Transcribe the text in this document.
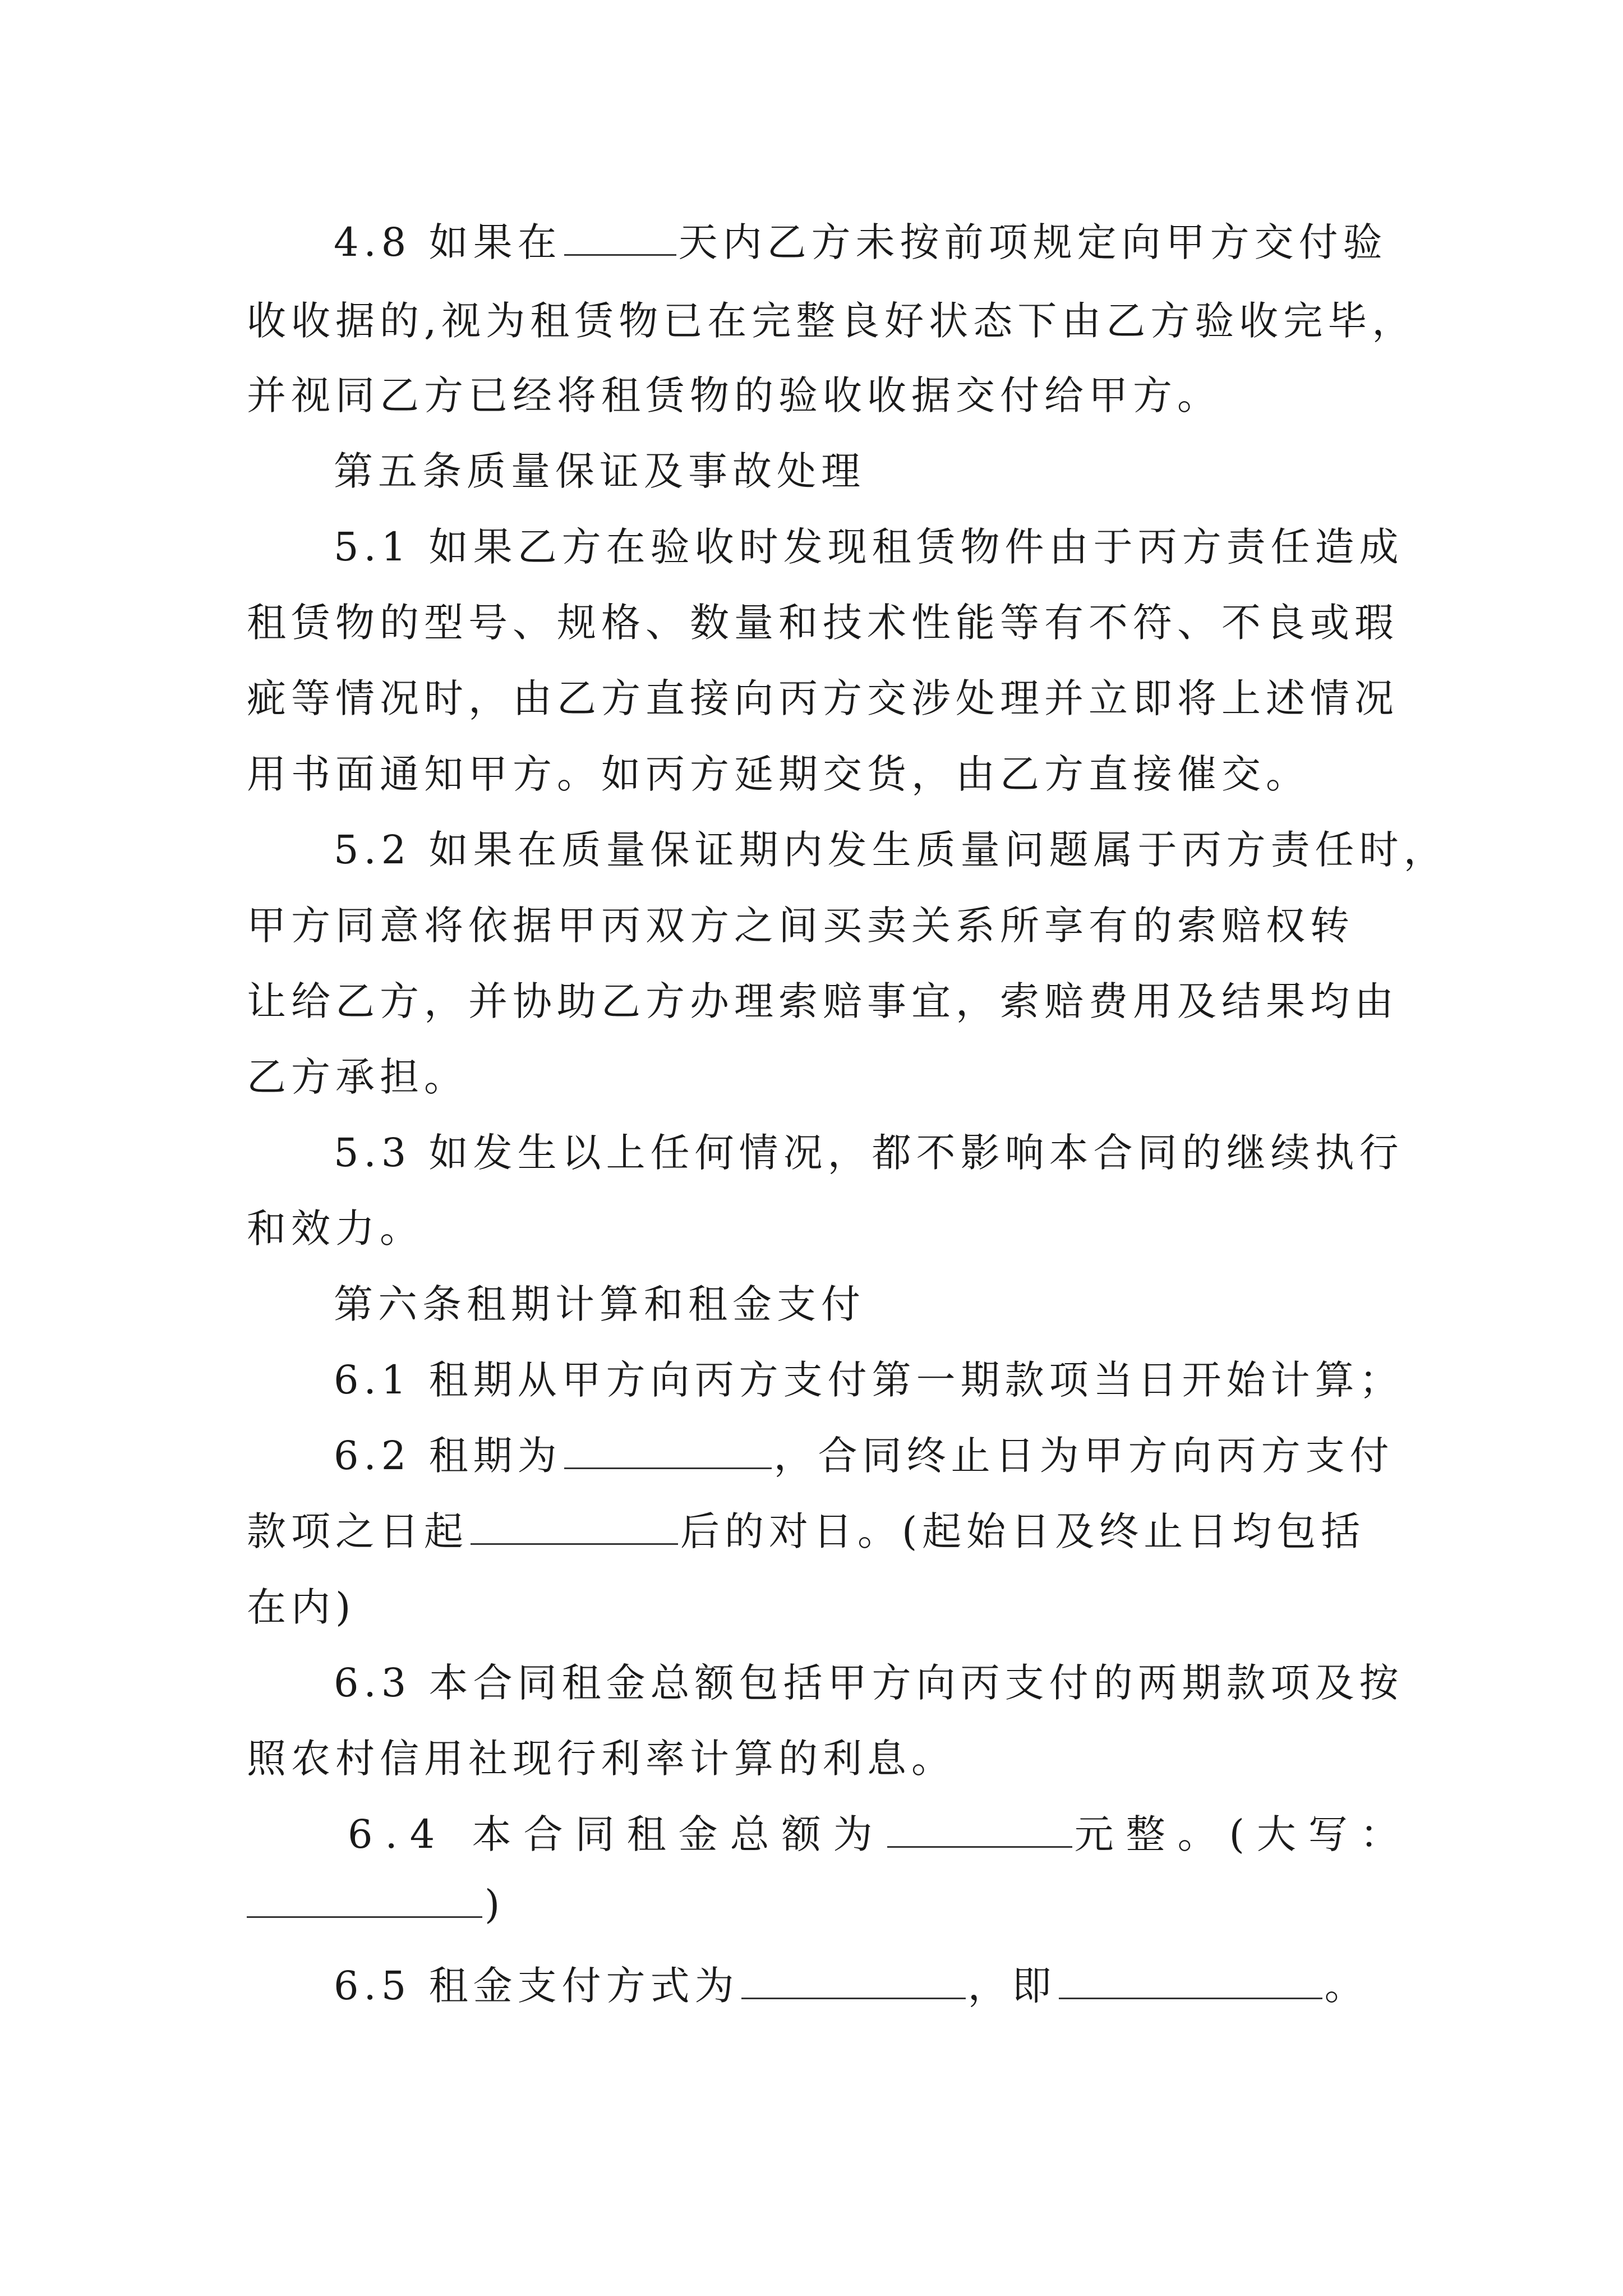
4.8 如果在	天内乙方未按前项规定向甲方交付验
收收据的,视为租赁物已在完整良好状态下由乙方验收完毕，
并视同乙方已经将租赁物的验收收据交付给甲方。
第五条质量保证及事故处理
5.1 如果乙方在验收时发现租赁物件由于丙方责任造成
租赁物的型号、规格、数量和技术性能等有不符、不良或瑕
疵等情况时，由乙方直接向丙方交涉处理并立即将上述情况
用书面通知甲方。如丙方延期交货，由乙方直接催交。
5.2 如果在质量保证期内发生质量问题属于丙方责任时，
甲方同意将依据甲丙双方之间买卖关系所享有的索赔权转
让给乙方，并协助乙方办理索赔事宜，索赔费用及结果均由
乙方承担。
5.3 如发生以上任何情况，都不影响本合同的继续执行
和效力。
第六条租期计算和租金支付
6.1 租期从甲方向丙方支付第一期款项当日开始计算；
6.2 租期为	，合同终止日为甲方向丙方支付
款项之日起	后的对日。(起始日及终止日均包括
在内)
6.3 本合同租金总额包括甲方向丙支付的两期款项及按
照农村信用社现行利率计算的利息。
6.4 本合同租金总额为	元整。(大写：
)
6.5 租金支付方式为	，即	。
